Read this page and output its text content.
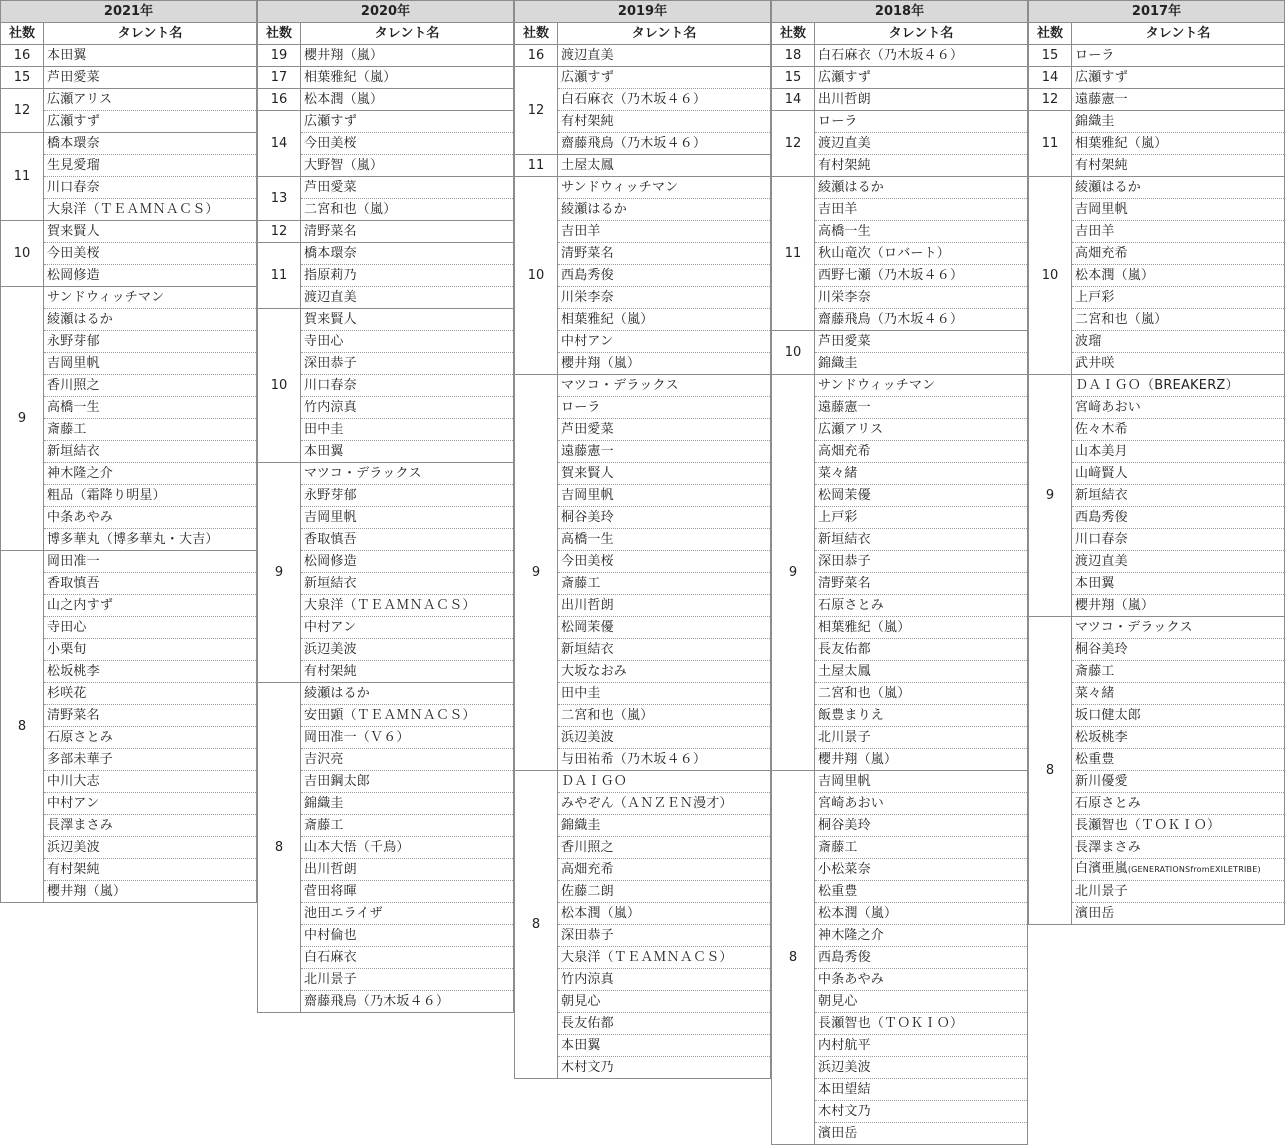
2021年	
社数	タレント名
16	本田翼
15	芦田愛菜
12	広瀬アリス
	広瀬すず
11	橋本環奈
	生見愛瑠
	川口春奈
	大泉洋（ＴＥＡＭＮＡＣＳ）
10	賀来賢人
	今田美桜
	松岡修造
9	サンドウィッチマン
	綾瀬はるか
	永野芽郁
	吉岡里帆
	香川照之
	高橋一生
	斎藤工
	新垣結衣
	神木隆之介
	粗品（霜降り明星）
	中条あやみ
	博多華丸（博多華丸・大吉）
8	岡田准一
	香取慎吾
	山之内すず
	寺田心
	小栗旬
	松坂桃李
	杉咲花
	清野菜名
	石原さとみ
	多部未華子
	中川大志
	中村アン
	長澤まさみ
	浜辺美波
	有村架純
	櫻井翔（嵐）
2020年	
社数	タレント名
19	櫻井翔（嵐）
17	相葉雅紀（嵐）
16	松本潤（嵐）
14	広瀬すず
	今田美桜
	大野智（嵐）
13	芦田愛菜
	二宮和也（嵐）
12	清野菜名
11	橋本環奈
	指原莉乃
	渡辺直美
10	賀来賢人
	寺田心
	深田恭子
	川口春奈
	竹内涼真
	田中圭
	本田翼
9	マツコ・デラックス
	永野芽郁
	吉岡里帆
	香取慎吾
	松岡修造
	新垣結衣
	大泉洋（ＴＥＡＭＮＡＣＳ）
	中村アン
	浜辺美波
	有村架純
8	綾瀬はるか
	安田顕（ＴＥＡＭＮＡＣＳ）
	岡田准一（Ｖ６）
	吉沢亮
	吉田鋼太郎
	錦織圭
	斎藤工
	山本大悟（千鳥）
	出川哲朗
	菅田将暉
	池田エライザ
	中村倫也
	白石麻衣
	北川景子
	齋藤飛鳥（乃木坂４６）
2019年	
社数	タレント名
16	渡辺直美
12	広瀬すず
	白石麻衣（乃木坂４６）
	有村架純
	齋藤飛鳥（乃木坂４６）
11	土屋太鳳
10	サンドウィッチマン
	綾瀬はるか
	吉田羊
	清野菜名
	西島秀俊
	川栄李奈
	相葉雅紀（嵐）
	中村アン
	櫻井翔（嵐）
9	マツコ・デラックス
	ローラ
	芦田愛菜
	遠藤憲一
	賀来賢人
	吉岡里帆
	桐谷美玲
	高橋一生
	今田美桜
	斎藤工
	出川哲朗
	松岡茉優
	新垣結衣
	大坂なおみ
	田中圭
	二宮和也（嵐）
	浜辺美波
	与田祐希（乃木坂４６）
8	ＤＡＩＧＯ
	みやぞん（ＡＮＺＥＮ漫才）
	錦織圭
	香川照之
	高畑充希
	佐藤二朗
	松本潤（嵐）
	深田恭子
	大泉洋（ＴＥＡＭＮＡＣＳ）
	竹内涼真
	朝見心
	長友佑都
	本田翼
	木村文乃
2018年	
社数	タレント名
18	白石麻衣（乃木坂４６）
15	広瀬すず
14	出川哲朗
12	ローラ
	渡辺直美
	有村架純
11	綾瀬はるか
	吉田羊
	高橋一生
	秋山竜次（ロバート）
	西野七瀬（乃木坂４６）
	川栄李奈
	齋藤飛鳥（乃木坂４６）
10	芦田愛菜
	錦織圭
9	サンドウィッチマン
	遠藤憲一
	広瀬アリス
	高畑充希
	菜々緒
	松岡茉優
	上戸彩
	新垣結衣
	深田恭子
	清野菜名
	石原さとみ
	相葉雅紀（嵐）
	長友佑都
	土屋太鳳
	二宮和也（嵐）
	飯豊まりえ
	北川景子
	櫻井翔（嵐）
8	吉岡里帆
	宮崎あおい
	桐谷美玲
	斎藤工
	小松菜奈
	松重豊
	松本潤（嵐）
	神木隆之介
	西島秀俊
	中条あやみ
	朝見心
	長瀬智也（ＴＯＫＩＯ）
	内村航平
	浜辺美波
	本田望結
	木村文乃
	濱田岳
2017年	
社数	タレント名
15	ローラ
14	広瀬すず
12	遠藤憲一
11	錦織圭
	相葉雅紀（嵐）
	有村架純
10	綾瀬はるか
	吉岡里帆
	吉田羊
	高畑充希
	松本潤（嵐）
	上戸彩
	二宮和也（嵐）
	波瑠
	武井咲
9	ＤＡＩＧＯ（BREAKERZ）
	宮﨑あおい
	佐々木希
	山本美月
	山﨑賢人
	新垣結衣
	西島秀俊
	川口春奈
	渡辺直美
	本田翼
	櫻井翔（嵐）
8	マツコ・デラックス
	桐谷美玲
	斎藤工
	菜々緒
	坂口健太郎
	松坂桃李
	松重豊
	新川優愛
	石原さとみ
	長瀬智也（ＴＯＫＩＯ）
	長澤まさみ
	白濱亜嵐(GENERATIONSfromEXILETRIBE)
	北川景子
	濱田岳
